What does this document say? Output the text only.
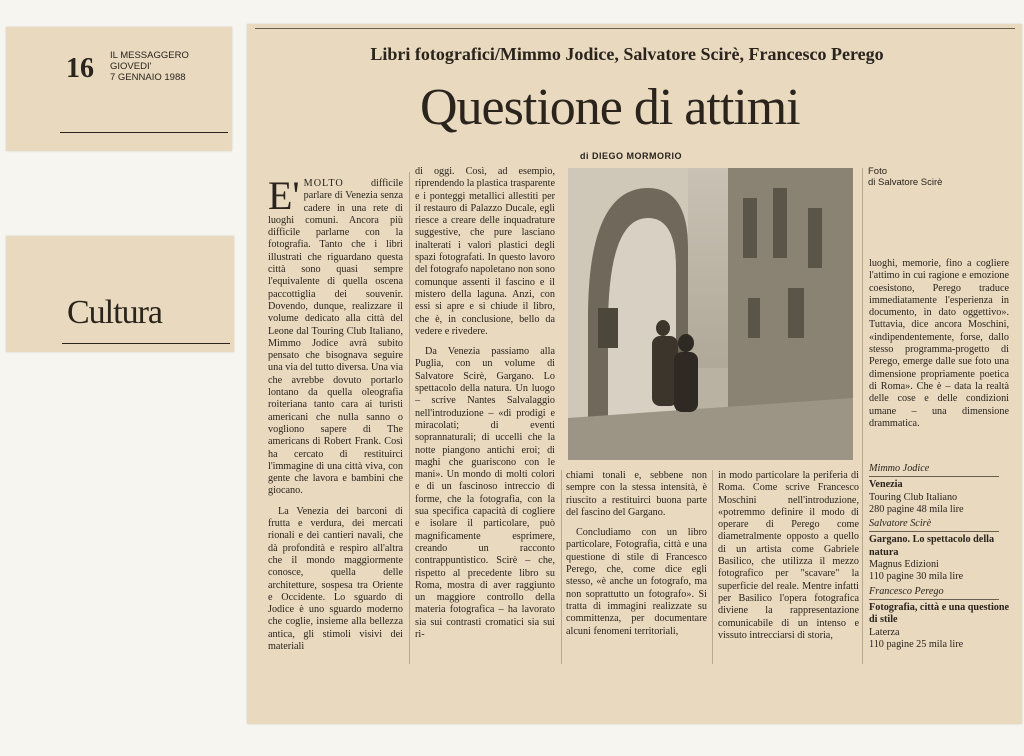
16 IL MESSAGGERO
GIOVEDI'
7 GENNAIO 1988
Cultura
Libri fotografici/Mimmo Jodice, Salvatore Scirè, Francesco Perego
Questione di attimi
di DIEGO MORMORIO

E' MOLTO difficile parlare di Venezia senza cadere in una rete di luoghi comuni. Ancora più difficile parlarne con la fotografia. Tanto che i libri illustrati che riguardano questa città sono quasi sempre l'equivalente di quella oscena paccottiglia dei souvenir. Dovendo, dunque, realizzare il volume dedicato alla città del Leone dal Touring Club Italiano, Mimmo Jodice avrà subito pensato che bisognava seguire una via del tutto diversa. Una via che avrebbe dovuto portarlo lontano da quella oleografia roiteriana tanto cara ai turisti americani che nulla sanno o vogliono sapere di The americans di Robert Frank. Così ha cercato di restituirci l'immagine di una città viva, con gente che lavora e bambini che giocano.

La Venezia dei barconi di frutta e verdura, dei mercati rionali e dei cantieri navali, che dà profondità e respiro all'altra che il mondo maggiormente conosce, quella delle architetture, sospesa tra Oriente e Occidente. Lo sguardo di Jodice è uno sguardo moderno che coglie, insieme alla bellezza antica, gli stimoli visivi dei materiali

di oggi. Così, ad esempio, riprendendo la plastica trasparente e i ponteggi metallici allestiti per il restauro di Palazzo Ducale, egli riesce a creare delle inquadrature suggestive, che pure lasciano inalterati i valori plastici degli spazi fotografati. In questo lavoro del fotografo napoletano non sono comunque assenti il fascino e il mistero della laguna. Anzi, con essi si apre e si chiude il libro, che è, in conclusione, bello da vedere e rivedere.

Da Venezia passiamo alla Puglia, con un volume di Salvatore Scirè, Gargano. Lo spettacolo della natura. Un luogo – scrive Nantes Salvalaggio nell'introduzione – «di prodigi e miracolati; di eventi soprannaturali; di uccelli che la notte piangono antichi eroi; di maghi che guariscono con le mani». Un mondo di molti colori e di un fascinoso intreccio di forme, che la fotografia, con la sua specifica capacità di cogliere e isolare il particolare, può magnificamente esprimere, creando un racconto contrappuntistico. Scirè – che, rispetto al precedente libro su Roma, mostra di aver raggiunto un maggiore controllo della materia fotografica – ha lavorato sia sui contrasti cromatici sia sui ri-

Foto
di Salvatore Scirè

chiami tonali e, sebbene non sempre con la stessa intensità, è riuscito a restituirci buona parte del fascino del Gargano.

Concludiamo con un libro particolare, Fotografia, città e una questione di stile di Francesco Perego, che, come dice egli stesso, «è anche un fotografo, ma non soprattutto un fotografo». Si tratta di immagini realizzate su committenza, per documentare alcuni fenomeni territoriali,

in modo particolare la periferia di Roma. Come scrive Francesco Moschini nell'introduzione, «potremmo definire il modo di operare di Perego come diametralmente opposto a quello di un artista come Gabriele Basilico, che utilizza il mezzo fotografico per "scavare" la superficie del reale. Mentre infatti per Basilico l'opera fotografica diviene la rappresentazione comunicabile di un intenso e vissuto intrecciarsi di storia,

luoghi, memorie, fino a cogliere l'attimo in cui ragione e emozione coesistono, Perego traduce immediatamente l'esperienza in documento, in dato oggettivo». Tuttavia, dice ancora Moschini, «indipendentemente, forse, dallo stesso programma-progetto di Perego, emerge dalle sue foto una dimensione propriamente poetica di Roma». Che è – data la realtà delle cose e delle condizioni umane – una dimensione drammatica.

Mimmo Jodice
Venezia
Touring Club Italiano
280 pagine 48 mila lire
Salvatore Scirè
Gargano. Lo spettacolo della natura
Magnus Edizioni
110 pagine 30 mila lire
Francesco Perego
Fotografia, città e una questione di stile
Laterza
110 pagine 25 mila lire
